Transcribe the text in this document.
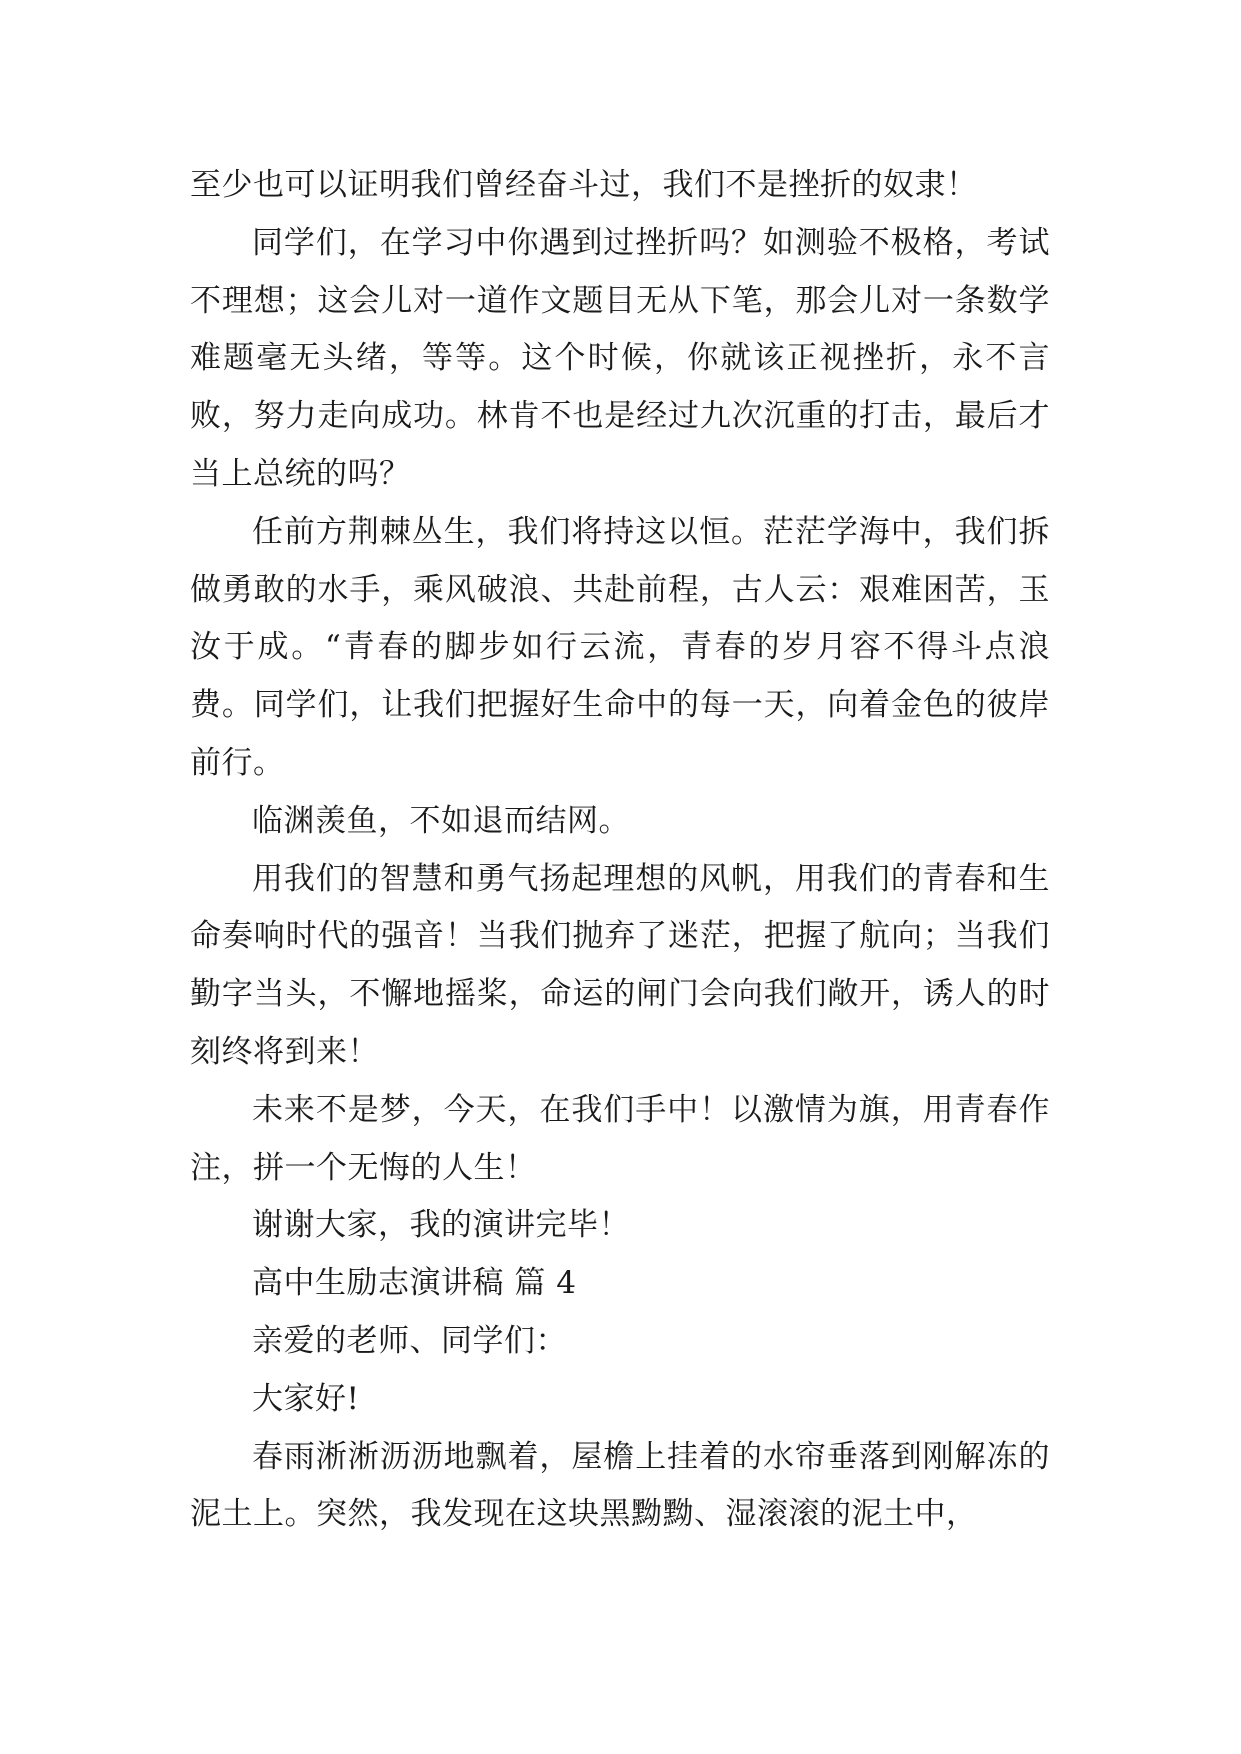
至少也可以证明我们曾经奋斗过，我们不是挫折的奴隶！

同学们，在学习中你遇到过挫折吗？如测验不极格，考试不理想；这会儿对一道作文题目无从下笔，那会儿对一条数学难题毫无头绪，等等。这个时候，你就该正视挫折，永不言败，努力走向成功。林肯不也是经过九次沉重的打击，最后才当上总统的吗？

任前方荆棘丛生，我们将持这以恒。茫茫学海中，我们拆做勇敢的水手，乘风破浪、共赴前程，古人云：艰难困苦，玉汝于成。“青春的脚步如行云流，青春的岁月容不得斗点浪费。同学们，让我们把握好生命中的每一天，向着金色的彼岸前行。

临渊羡鱼，不如退而结网。

用我们的智慧和勇气扬起理想的风帆，用我们的青春和生命奏响时代的强音！当我们抛弃了迷茫，把握了航向；当我们勤字当头，不懈地摇桨，命运的闸门会向我们敞开，诱人的时刻终将到来！

未来不是梦，今天，在我们手中！以激情为旗，用青春作注，拼一个无悔的人生！

谢谢大家，我的演讲完毕！

高中生励志演讲稿 篇 4

亲爱的老师、同学们：

大家好!

春雨淅淅沥沥地飘着，屋檐上挂着的水帘垂落到刚解冻的泥土上。突然，我发现在这块黑黝黝、湿滚滚的泥土中，
